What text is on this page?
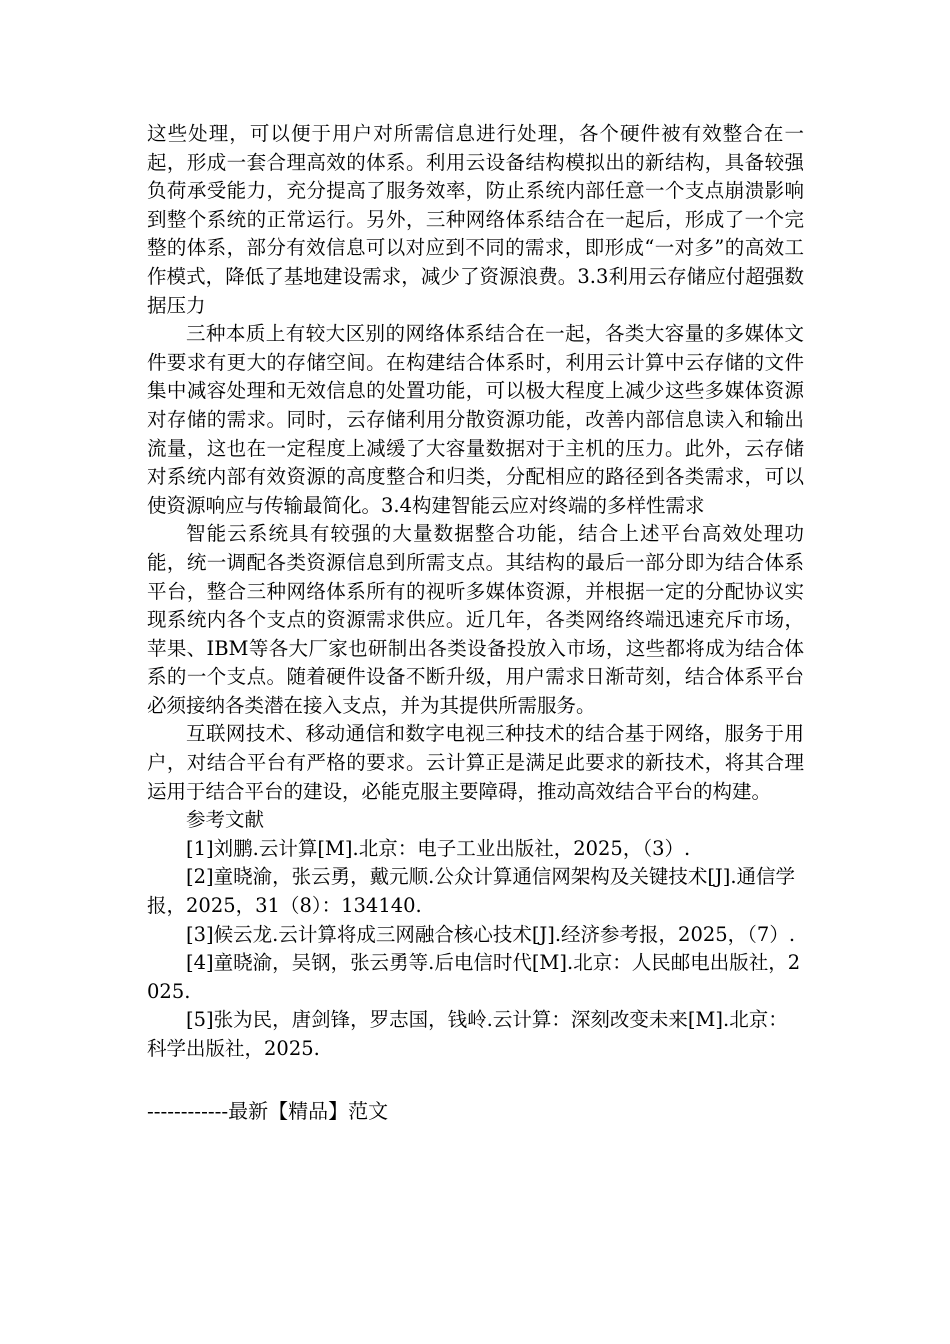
这些处理，可以便于用户对所需信息进行处理，各个硬件被有效整合在一起，形成一套合理高效的体系。利用云设备结构模拟出的新结构，具备较强负荷承受能力，充分提高了服务效率，防止系统内部任意一个支点崩溃影响到整个系统的正常运行。另外，三种网络体系结合在一起后，形成了一个完整的体系，部分有效信息可以对应到不同的需求，即形成“一对多”的高效工作模式，降低了基地建设需求，减少了资源浪费。3.3利用云存储应付超强数据压力

三种本质上有较大区别的网络体系结合在一起，各类大容量的多媒体文件要求有更大的存储空间。在构建结合体系时，利用云计算中云存储的文件集中减容处理和无效信息的处置功能，可以极大程度上减少这些多媒体资源对存储的需求。同时，云存储利用分散资源功能，改善内部信息读入和输出流量，这也在一定程度上减缓了大容量数据对于主机的压力。此外，云存储对系统内部有效资源的高度整合和归类，分配相应的路径到各类需求，可以使资源响应与传输最简化。3.4构建智能云应对终端的多样性需求

智能云系统具有较强的大量数据整合功能，结合上述平台高效处理功能，统一调配各类资源信息到所需支点。其结构的最后一部分即为结合体系平台，整合三种网络体系所有的视听多媒体资源，并根据一定的分配协议实现系统内各个支点的资源需求供应。近几年，各类网络终端迅速充斥市场，苹果、IBM等各大厂家也研制出各类设备投放入市场，这些都将成为结合体系的一个支点。随着硬件设备不断升级，用户需求日渐苛刻，结合体系平台必须接纳各类潜在接入支点，并为其提供所需服务。

互联网技术、移动通信和数字电视三种技术的结合基于网络，服务于用户，对结合平台有严格的要求。云计算正是满足此要求的新技术，将其合理运用于结合平台的建设，必能克服主要障碍，推动高效结合平台的构建。

参考文献

[1]刘鹏.云计算[M].北京：电子工业出版社，2025，（3）.

[2]童晓渝，张云勇，戴元顺.公众计算通信网架构及关键技术[J].通信学报，2025，31（8）：134140.

[3]候云龙.云计算将成三网融合核心技术[J].经济参考报，2025，（7）.

[4]童晓渝，吴钢，张云勇等.后电信时代[M].北京：人民邮电出版社，2025.

[5]张为民，唐剑锋，罗志国，钱岭.云计算：深刻改变未来[M].北京：科学出版社，2025.

------------最新【精品】范文
